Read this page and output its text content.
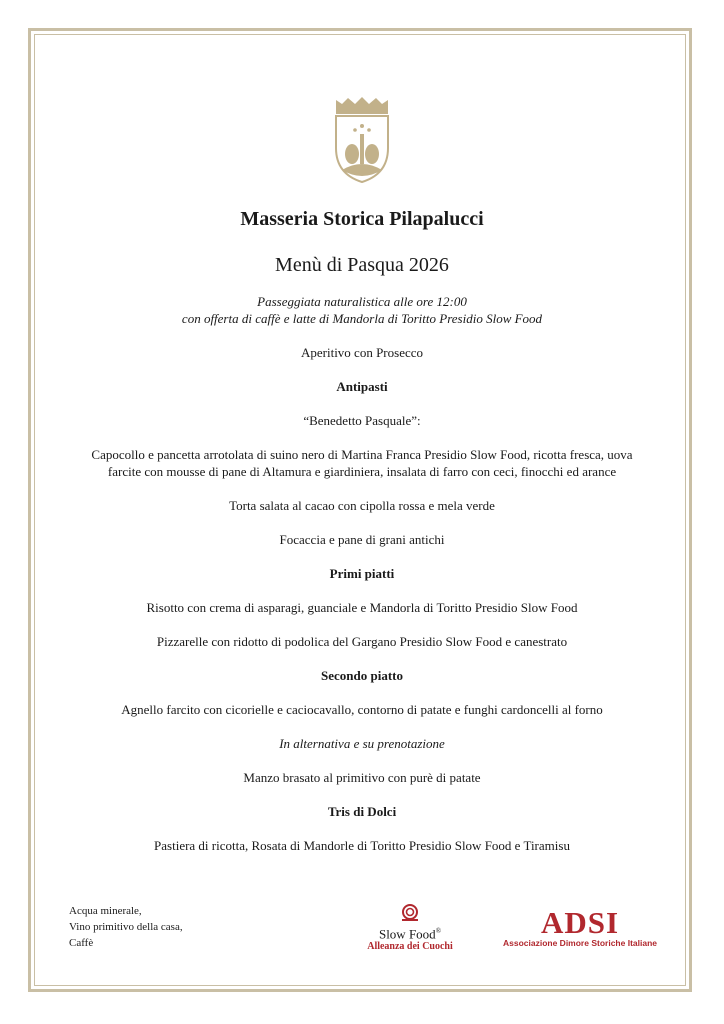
Masseria Storica Pilapalucci
Menù di Pasqua 2026
Passeggiata naturalistica alle ore 12:00
con offerta di caffè e latte di Mandorla di Toritto Presidio Slow Food
Aperitivo con Prosecco
Antipasti
“Benedetto Pasquale”:
Capocollo e pancetta arrotolata di suino nero di Martina Franca Presidio Slow Food, ricotta fresca, uova
farcite con mousse di pane di Altamura e giardiniera, insalata di farro con ceci, finocchi ed arance
Torta salata al cacao con cipolla rossa e mela verde
Focaccia e pane di grani antichi
Primi piatti
Risotto con crema di asparagi, guanciale e Mandorla di Toritto Presidio Slow Food
Pizzarelle con ridotto di podolica del Gargano Presidio Slow Food e canestrato
Secondo piatto
Agnello farcito con cicorielle e caciocavallo, contorno di patate e funghi cardoncelli al forno
In alternativa e su prenotazione
Manzo brasato al primitivo con purè di patate
Tris di Dolci
Pastiera di ricotta, Rosata di Mandorle di Toritto Presidio Slow Food e Tiramisu
Acqua minerale,
Vino primitivo della casa,
Caffè
Slow Food®
Alleanza dei Cuochi
ADSI
Associazione Dimore Storiche Italiane
